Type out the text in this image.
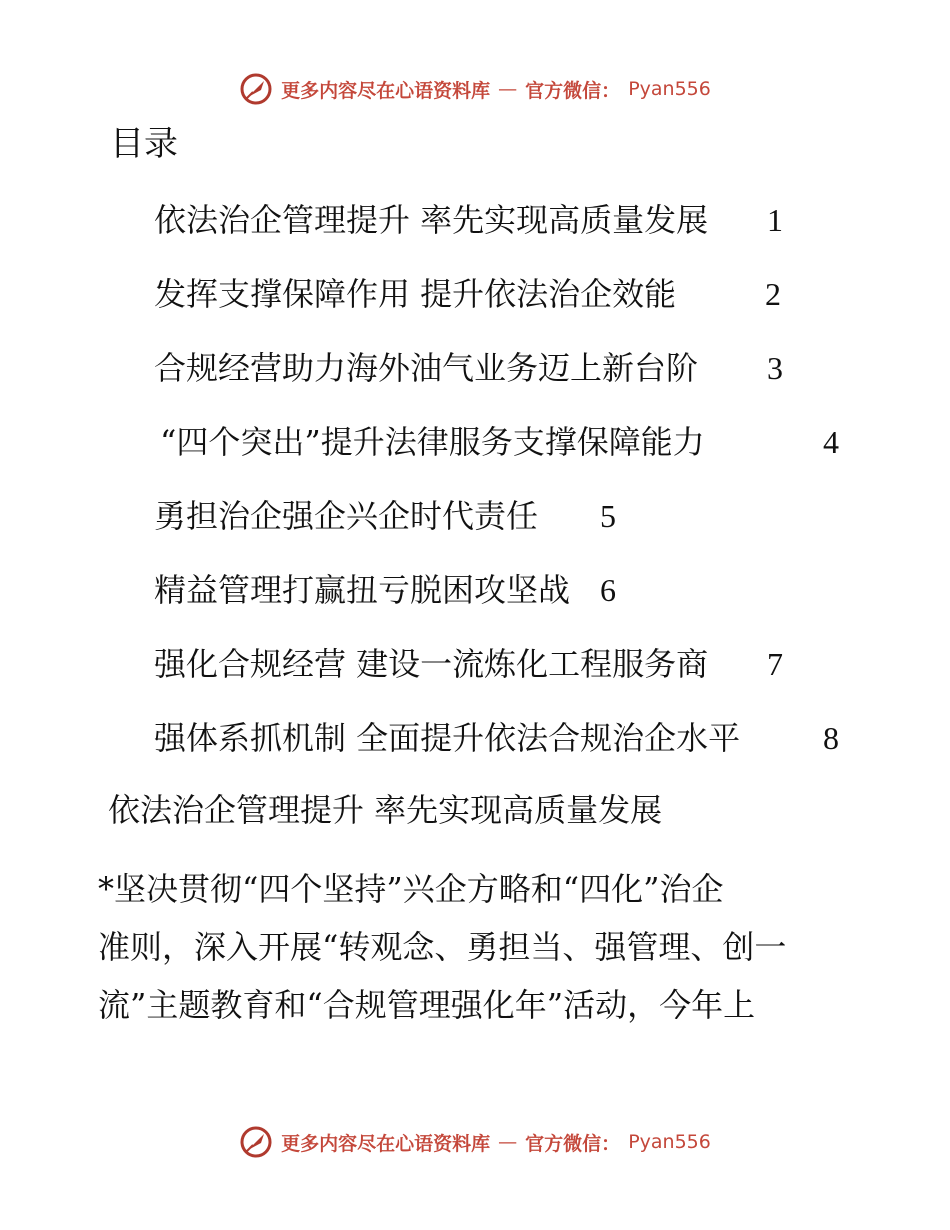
更多内容尽在心语资料库 — 官方微信： Pyan556
目录
依法治企管理提升 率先实现高质量发展 1
发挥支撑保障作用 提升依法治企效能	2
合规经营助力海外油气业务迈上新台阶 3
“四个突出”提升法律服务支撑保障能力	4
勇担治企强企兴企时代责任 5
精益管理打赢扭亏脱困攻坚战 6
强化合规经营 建设一流炼化工程服务商 7
强体系抓机制 全面提升依法合规治企水平	8
依法治企管理提升 率先实现高质量发展
*坚决贯彻“四个坚持”兴企方略和“四化”治企
准则，深入开展“转观念、勇担当、强管理、创一
流”主题教育和“合规管理强化年”活动，今年上
更多内容尽在心语资料库 — 官方微信： Pyan556
